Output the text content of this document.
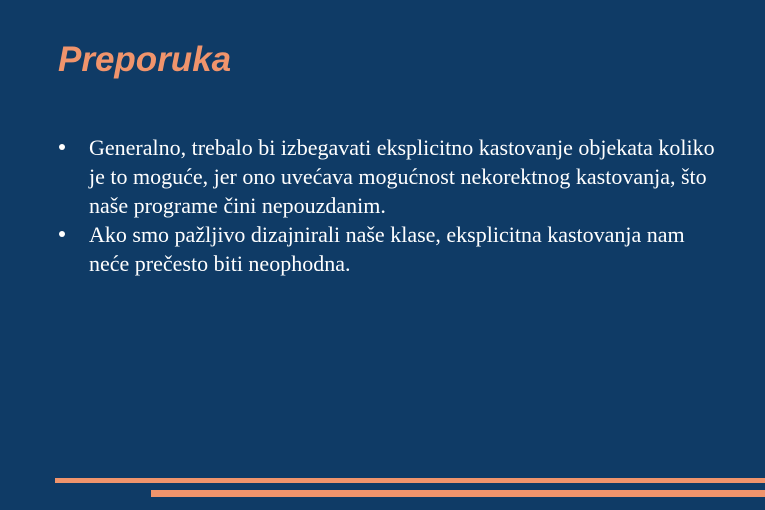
Preporuka
Generalno, trebalo bi izbegavati eksplicitno kastovanje objekata koliko je to moguće, jer ono uvećava mogućnost nekorektnog kastovanja, što naše programe čini nepouzdanim.
Ako smo pažljivo dizajnirali naše klase, eksplicitna kastovanja nam neće prečesto biti neophodna.
